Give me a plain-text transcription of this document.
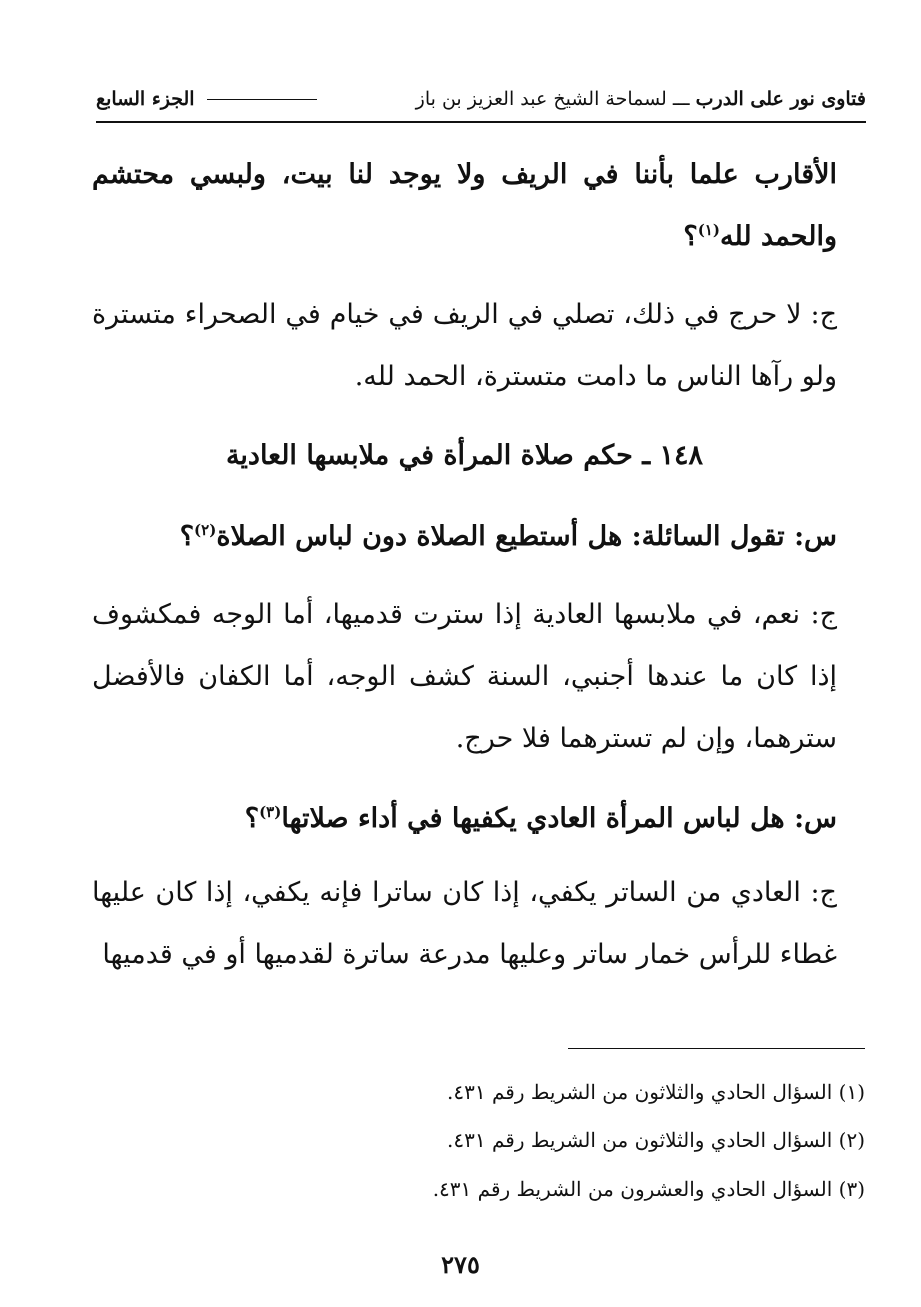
فتاوى نور على الدرب ـــ لسماحة الشيخ عبد العزيز بن باز
الجزء السابع
الأقارب علما بأننا في الريف ولا يوجد لنا بيت، ولبسي محتشم والحمد لله$^{(١)}$؟
ج: لا حرج في ذلك، تصلي في الريف في خيام في الصحراء متسترة ولو رآها الناس ما دامت متسترة، الحمد لله.
١٤٨ ـ حكم صلاة المرأة في ملابسها العادية
س: تقول السائلة: هل أستطيع الصلاة دون لباس الصلاة$^{(٢)}$؟
ج: نعم، في ملابسها العادية إذا سترت قدميها، أما الوجه فمكشوف إذا كان ما عندها أجنبي، السنة كشف الوجه، أما الكفان فالأفضل سترهما، وإن لم تسترهما فلا حرج.
س: هل لباس المرأة العادي يكفيها في أداء صلاتها$^{(٣)}$؟
ج: العادي من الساتر يكفي، إذا كان ساترا فإنه يكفي، إذا كان عليها غطاء للرأس خمار ساتر وعليها مدرعة ساترة لقدميها أو في قدميها
(١) السؤال الحادي والثلاثون من الشريط رقم ٤٣١.
(٢) السؤال الحادي والثلاثون من الشريط رقم ٤٣١.
(٣) السؤال الحادي والعشرون من الشريط رقم ٤٣١.
٢٧٥
